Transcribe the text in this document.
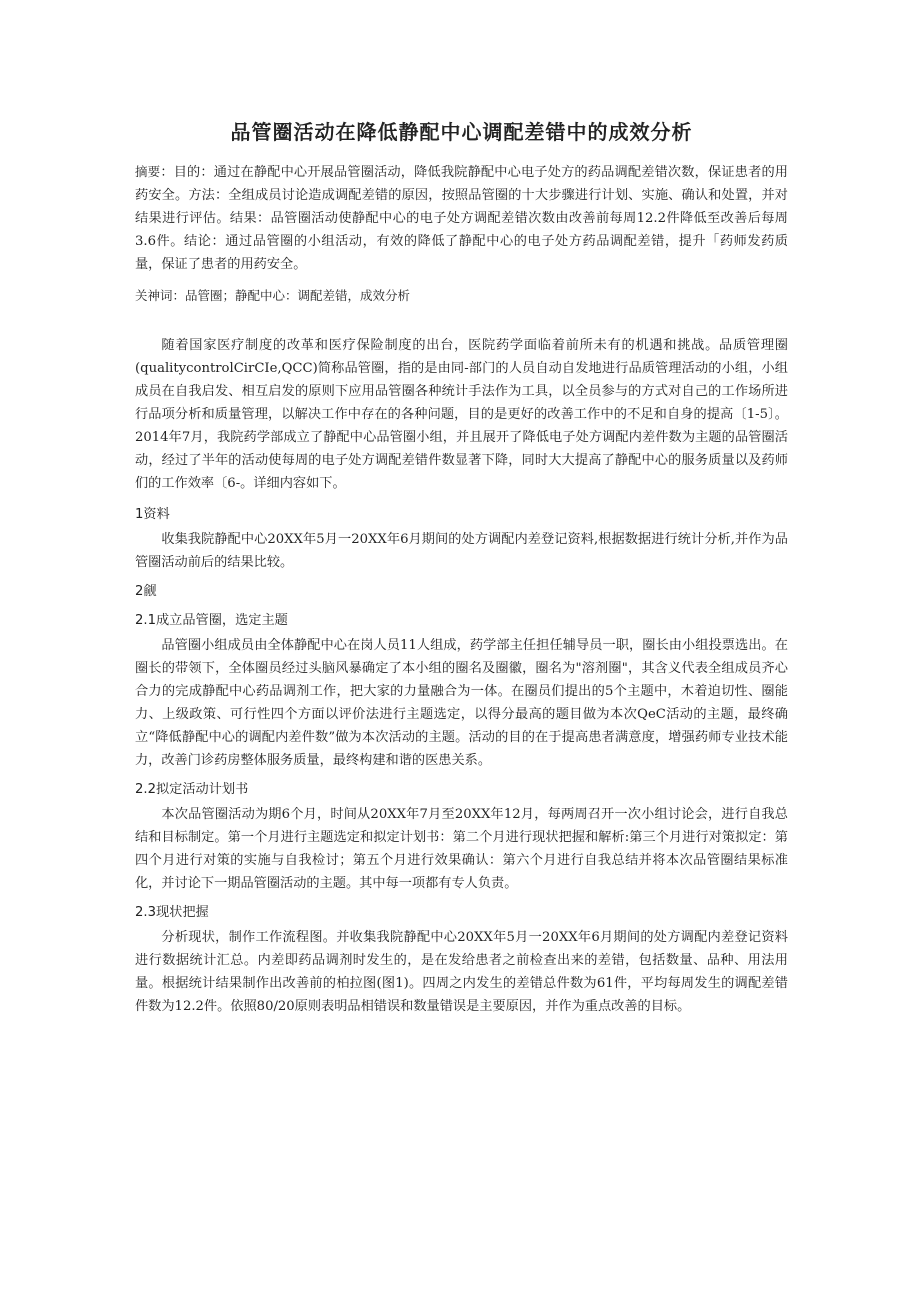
品管圈活动在降低静配中心调配差错中的成效分析

摘要：目的：通过在静配中心开展品管圈活动，降低我院静配中心电子处方的药品调配差错次数，保证患者的用药安全。方法：全组成员讨论造成调配差错的原因，按照品管圈的十大步骤进行计划、实施、确认和处置，并对结果进行评估。结果：品管圈活动使静配中心的电子处方调配差错次数由改善前每周12.2件降低至改善后每周3.6件。结论：通过品管圈的小组活动，有效的降低了静配中心的电子处方药品调配差错，提升「药师发药质量，保证了患者的用药安全。

关神词：品管圈；静配中心：调配差错，成效分析

随着国家医疗制度的改革和医疗保险制度的出台，医院药学面临着前所未有的机遇和挑战。品质管理圈(qualitycontrolCirCIe,QCC)简称品管圈，指的是由同-部门的人员自动自发地进行品质管理活动的小组，小组成员在自我启发、相互启发的原则下应用品管圈各种统计手法作为工具，以全员参与的方式对自己的工作场所进行品项分析和质量管理，以解决工作中存在的各种问题，目的是更好的改善工作中的不足和自身的提高〔1-5〕。2014年7月，我院药学部成立了静配中心品管圈小组，并且展开了降低电子处方调配内差件数为主题的品管圈活动，经过了半年的活动使每周的电子处方调配差错件数显著下降，同时大大提高了静配中心的服务质量以及药师们的工作效率〔6-。详细内容如下。

1资料

收集我院静配中心20XX年5月一20XX年6月期间的处方调配内差登记资料,根据数据进行统计分析,并作为品管圈活动前后的结果比较。

2觎
2.1成立品管圈，选定主题

品管圈小组成员由全体静配中心在岗人员11人组成，药学部主任担任辅导员一职，圈长由小组投票选出。在圈长的带领下，全体圈员经过头脑风暴确定了本小组的圈名及圈徽，圈名为"溶剂圈"，其含义代表全组成员齐心合力的完成静配中心药品调剂工作，把大家的力量融合为一体。在圈员们提出的5个主题中，木着迫切性、圈能力、上级政策、可行性四个方面以评价法进行主题选定，以得分最高的题目做为本次QeC活动的主题，最终确立“降低静配中心的调配内差件数”做为本次活动的主题。活动的目的在于提高患者满意度，增强药师专业技术能力，改善门诊药房整体服务质量，最终构建和谐的医患关系。

2.2拟定活动计划书

本次品管圈活动为期6个月，时间从20XX年7月至20XX年12月，每两周召开一次小组讨论会，进行自我总结和目标制定。第一个月进行主题选定和拟定计划书：第二个月进行现状把握和解析:第三个月进行对策拟定：第四个月进行对策的实施与自我检讨；第五个月进行效果确认：第六个月进行自我总结并将本次品管圈结果标准化，并讨论下一期品管圈活动的主题。其中每一项都有专人负责。

2.3现状把握

分析现状，制作工作流程图。并收集我院静配中心20XX年5月一20XX年6月期间的处方调配内差登记资料进行数据统计汇总。内差即药品调剂时发生的，是在发给患者之前检查出来的差错，包括数量、品种、用法用量。根据统计结果制作出改善前的柏拉图(图1)。四周之内发生的差错总件数为61件，平均每周发生的调配差错件数为12.2件。依照80/20原则表明品相错误和数量错误是主要原因，并作为重点改善的目标。
